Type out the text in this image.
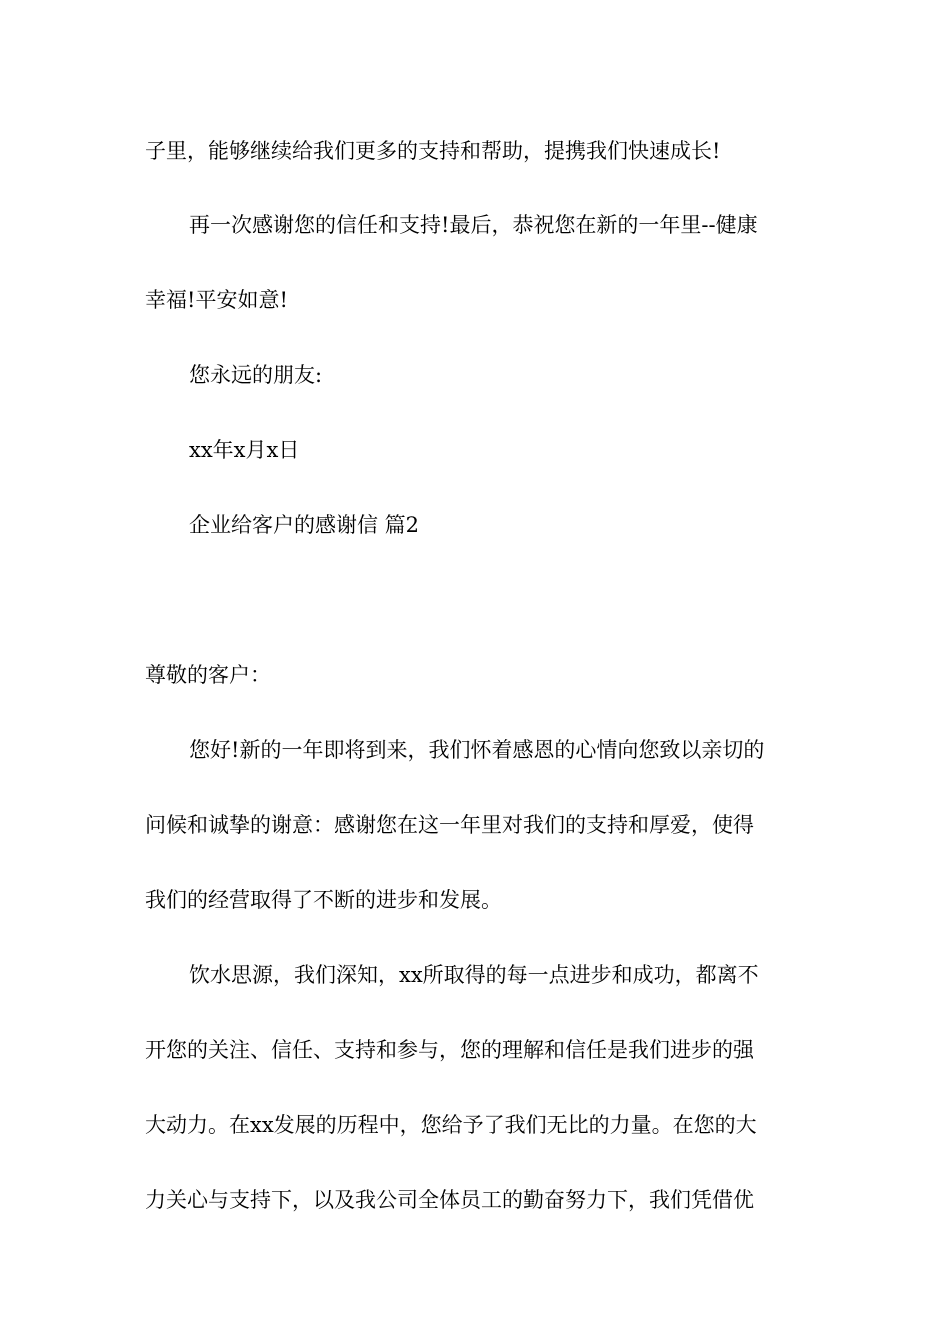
子里，能够继续给我们更多的支持和帮助，提携我们快速成长!

再一次感谢您的信任和支持!最后，恭祝您在新的一年里--健康

幸福!平安如意!

您永远的朋友:

xx年x月x日

企业给客户的感谢信 篇2

尊敬的客户：

您好!新的一年即将到来，我们怀着感恩的心情向您致以亲切的

问候和诚挚的谢意：感谢您在这一年里对我们的支持和厚爱，使得

我们的经营取得了不断的进步和发展。

饮水思源，我们深知，xx所取得的每一点进步和成功，都离不

开您的关注、信任、支持和参与，您的理解和信任是我们进步的强

大动力。在xx发展的历程中，您给予了我们无比的力量。在您的大

力关心与支持下，以及我公司全体员工的勤奋努力下，我们凭借优
